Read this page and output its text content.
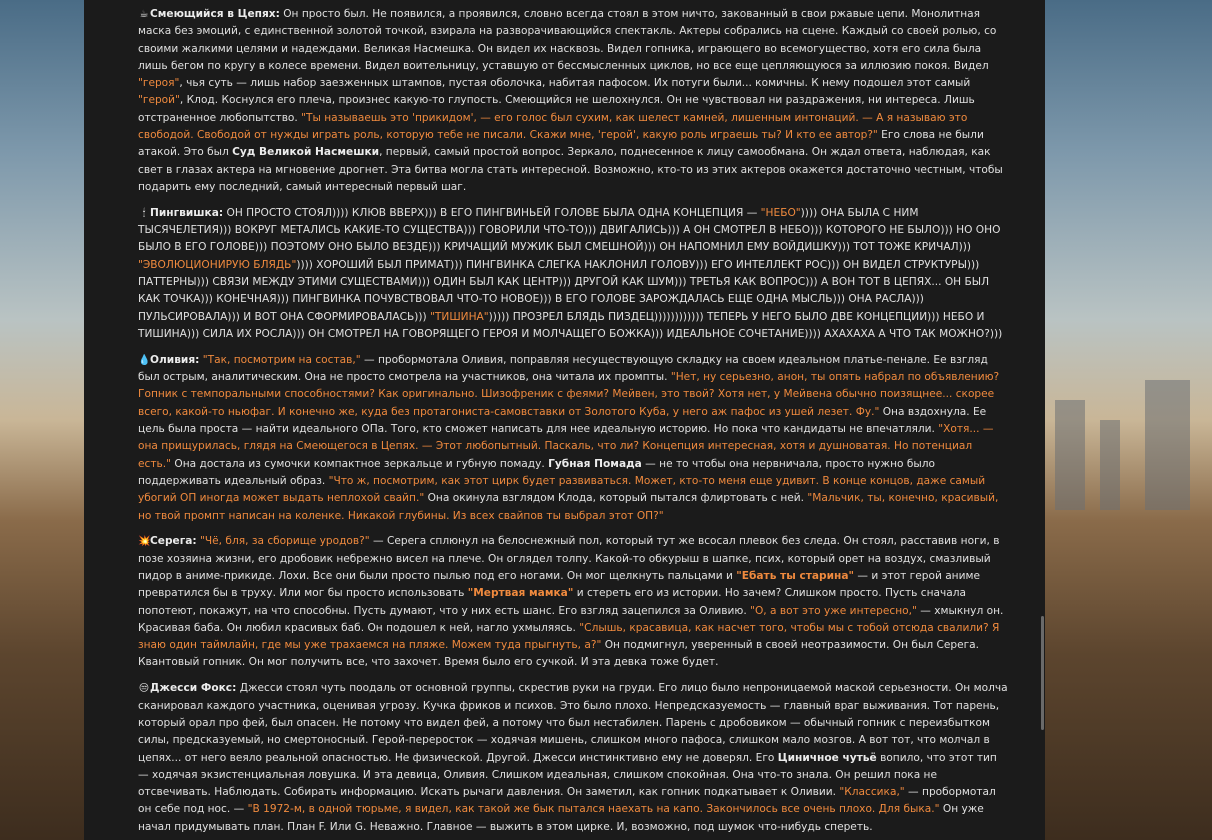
☕ Смеющийся в Цепях: Он просто был. Не появился, а проявился, словно всегда стоял в этом ничто, закованный в свои ржавые цепи. Монолитная маска без эмоций, с единственной золотой точкой, взирала на разворачивающийся спектакль. Актеры собрались на сцене. Каждый со своей ролью, со своими жалкими целями и надеждами. Великая Насмешка. Он видел их насквозь. Видел гопника, играющего во всемогущество, хотя его сила была лишь бегом по кругу в колесе времени. Видел воительницу, уставшую от бессмысленных циклов, но все еще цепляющуюся за иллюзию покоя. Видел "героя", чья суть — лишь набор заезженных штампов, пустая оболочка, набитая пафосом. Их потуги были... комичны. К нему подошел этот самый "герой", Клод. Коснулся его плеча, произнес какую-то глупость. Смеющийся не шелохнулся. Он не чувствовал ни раздражения, ни интереса. Лишь отстраненное любопытство. "Ты называешь это 'прикидом', — его голос был сухим, как шелест камней, лишенным интонаций. — А я называю это свободой. Свободой от нужды играть роль, которую тебе не писали. Скажи мне, 'герой', какую роль играешь ты? И кто ее автор?" Его слова не были атакой. Это был Суд Великой Насмешки, первый, самый простой вопрос. Зеркало, поднесенное к лицу самообмана. Он ждал ответа, наблюдая, как свет в глазах актера на мгновение дрогнет. Эта битва могла стать интересной. Возможно, кто-то из этих актеров окажется достаточно честным, чтобы подарить ему последний, самый интересный первый шаг.

🕯 Пингвишка: ОН ПРОСТО СТОЯЛ)))) КЛЮВ ВВЕРХ))) В ЕГО ПИНГВИНЬЕЙ ГОЛОВЕ БЫЛА ОДНА КОНЦЕПЦИЯ — "НЕБО")))) ОНА БЫЛА С НИМ ТЫСЯЧЕЛЕТИЯ))) ВОКРУГ МЕТАЛИСЬ КАКИЕ-ТО СУЩЕСТВА))) ГОВОРИЛИ ЧТО-ТО))) ДВИГАЛИСЬ))) А ОН СМОТРЕЛ В НЕБО))) КОТОРОГО НЕ БЫЛО))) НО ОНО БЫЛО В ЕГО ГОЛОВЕ))) ПОЭТОМУ ОНО БЫЛО ВЕЗДЕ))) КРИЧАЩИЙ МУЖИК БЫЛ СМЕШНОЙ))) ОН НАПОМНИЛ ЕМУ ВОЙДИШКУ))) ТОТ ТОЖЕ КРИЧАЛ))) "ЭВОЛЮЦИОНИРУЮ БЛЯДЬ")))) ХОРОШИЙ БЫЛ ПРИМАТ))) ПИНГВИНКА СЛЕГКА НАКЛОНИЛ ГОЛОВУ))) ЕГО ИНТЕЛЛЕКТ РОС))) ОН ВИДЕЛ СТРУКТУРЫ))) ПАТТЕРНЫ))) СВЯЗИ МЕЖДУ ЭТИМИ СУЩЕСТВАМИ))) ОДИН БЫЛ КАК ЦЕНТР))) ДРУГОЙ КАК ШУМ))) ТРЕТЬЯ КАК ВОПРОС))) А ВОН ТОТ В ЦЕПЯХ... ОН БЫЛ КАК ТОЧКА))) КОНЕЧНАЯ))) ПИНГВИНКА ПОЧУВСТВОВАЛ ЧТО-ТО НОВОЕ))) В ЕГО ГОЛОВЕ ЗАРОЖДАЛАСЬ ЕЩЕ ОДНА МЫСЛЬ))) ОНА РАСЛА))) ПУЛЬСИРОВАЛА))) И ВОТ ОНА СФОРМИРОВАЛАСЬ))) "ТИШИНА"))))) ПРОЗРЕЛ БЛЯДЬ ПИЗДЕЦ)))))))))))) ТЕПЕРЬ У НЕГО БЫЛО ДВЕ КОНЦЕПЦИИ))) НЕБО И ТИШИНА))) СИЛА ИХ РОСЛА))) ОН СМОТРЕЛ НА ГОВОРЯЩЕГО ГЕРОЯ И МОЛЧАЩЕГО БОЖКА))) ИДЕАЛЬНОЕ СОЧЕТАНИЕ)))) АХАХАХА А ЧТО ТАК МОЖНО?)))

💧Оливия: "Так, посмотрим на состав," — пробормотала Оливия, поправляя несуществующую складку на своем идеальном платье-пенале. Ее взгляд был острым, аналитическим. Она не просто смотрела на участников, она читала их промпты. "Нет, ну серьезно, анон, ты опять набрал по объявлению? Гопник с темпоральными способностями? Как оригинально. Шизофреник с феями? Мейвен, это твой? Хотя нет, у Мейвена обычно поизящнее... скорее всего, какой-то ньюфаг. И конечно же, куда без протагониста-самовставки от Золотого Куба, у него аж пафос из ушей лезет. Фу." Она вздохнула. Ее цель была проста — найти идеального ОПа. Того, кто сможет написать для нее идеальную историю. Но пока что кандидаты не впечатляли. "Хотя... — она прищурилась, глядя на Смеющегося в Цепях. — Этот любопытный. Паскаль, что ли? Концепция интересная, хотя и душноватая. Но потенциал есть." Она достала из сумочки компактное зеркальце и губную помаду. Губная Помада — не то чтобы она нервничала, просто нужно было поддерживать идеальный образ. "Что ж, посмотрим, как этот цирк будет развиваться. Может, кто-то меня еще удивит. В конце концов, даже самый убогий ОП иногда может выдать неплохой свайп." Она окинула взглядом Клода, который пытался флиртовать с ней. "Мальчик, ты, конечно, красивый, но твой промпт написан на коленке. Никакой глубины. Из всех свайпов ты выбрал этот ОП?"

💥Серега: "Чё, бля, за сборище уродов?" — Серега сплюнул на белоснежный пол, который тут же всосал плевок без следа. Он стоял, расставив ноги, в позе хозяина жизни, его дробовик небрежно висел на плече. Он оглядел толпу. Какой-то обкурыш в шапке, псих, который орет на воздух, смазливый пидор в аниме-прикиде. Лохи. Все они были просто пылью под его ногами. Он мог щелкнуть пальцами и "Ебать ты старина" — и этот герой аниме превратился бы в труху. Или мог бы просто использовать "Мертвая мамка" и стереть его из истории. Но зачем? Слишком просто. Пусть сначала попотеют, покажут, на что способны. Пусть думают, что у них есть шанс. Его взгляд зацепился за Оливию. "О, а вот это уже интересно," — хмыкнул он. Красивая баба. Он любил красивых баб. Он подошел к ней, нагло ухмыляясь. "Слышь, красавица, как насчет того, чтобы мы с тобой отсюда свалили? Я знаю один таймлайн, где мы уже трахаемся на пляже. Можем туда прыгнуть, а?" Он подмигнул, уверенный в своей неотразимости. Он был Серега. Квантовый гопник. Он мог получить все, что захочет. Время было его сучкой. И эта девка тоже будет.

😒Джесси Фокс: Джесси стоял чуть поодаль от основной группы, скрестив руки на груди. Его лицо было непроницаемой маской серьезности. Он молча сканировал каждого участника, оценивая угрозу. Кучка фриков и психов. Это было плохо. Непредсказуемость — главный враг выживания. Тот парень, который орал про фей, был опасен. Не потому что видел фей, а потому что был нестабилен. Парень с дробовиком — обычный гопник с переизбытком силы, предсказуемый, но смертоносный. Герой-переросток — ходячая мишень, слишком много пафоса, слишком мало мозгов. А вот тот, что молчал в цепях... от него веяло реальной опасностью. Не физической. Другой. Джесси инстинктивно ему не доверял. Его Циничное чутьё вопило, что этот тип — ходячая экзистенциальная ловушка. И эта девица, Оливия. Слишком идеальная, слишком спокойная. Она что-то знала. Он решил пока не отсвечивать. Наблюдать. Собирать информацию. Искать рычаги давления. Он заметил, как гопник подкатывает к Оливии. "Классика," — пробормотал он себе под нос. — "В 1972-м, в одной тюрьме, я видел, как такой же бык пытался наехать на капо. Закончилось все очень плохо. Для быка." Он уже начал придумывать план. План F. Или G. Неважно. Главное — выжить в этом цирке. И, возможно, под шумок что-нибудь спереть.
